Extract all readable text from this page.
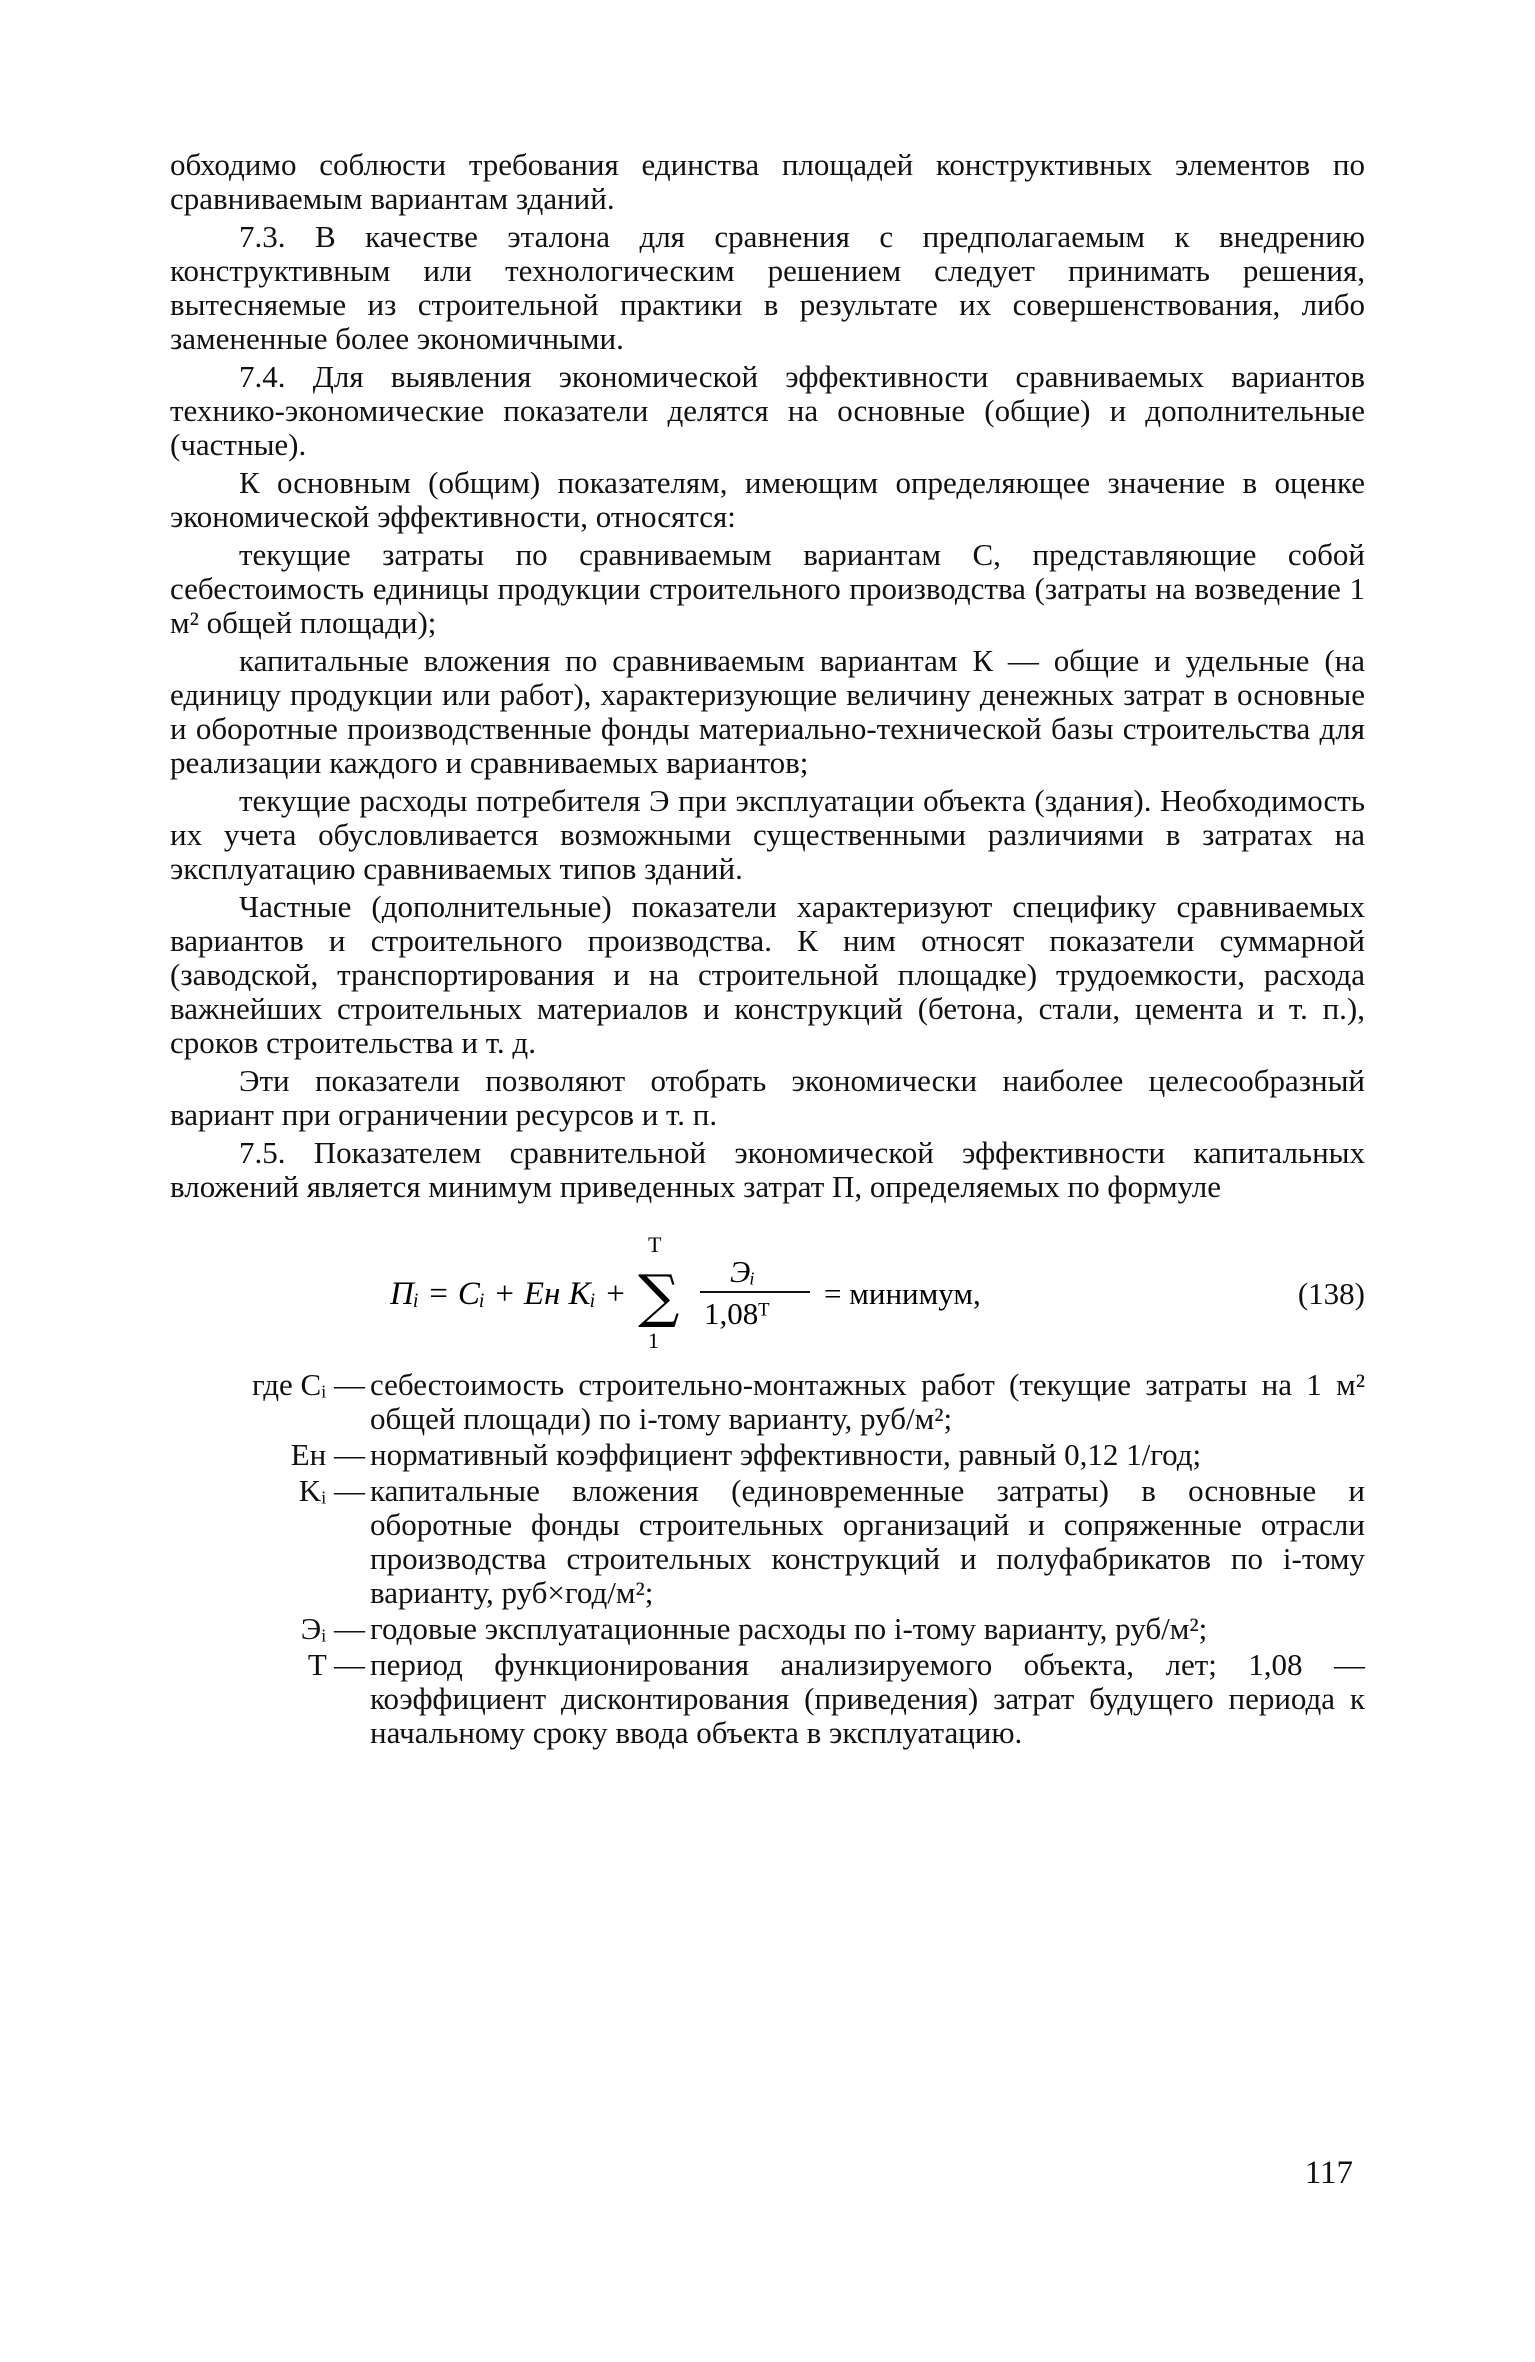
обходимо соблюсти требования единства площадей конструктивных элементов по сравниваемым вариантам зданий.

7.3. В качестве эталона для сравнения с предполагаемым к внедрению конструктивным или технологическим решением следует принимать решения, вытесняемые из строительной практики в результате их совершенствования, либо замененные более экономичными.

7.4. Для выявления экономической эффективности сравниваемых вариантов технико-экономические показатели делятся на основные (общие) и дополнительные (частные).

К основным (общим) показателям, имеющим определяющее значение в оценке экономической эффективности, относятся:

текущие затраты по сравниваемым вариантам С, представляющие собой себестоимость единицы продукции строительного производства (затраты на возведение 1 м² общей площади);

капитальные вложения по сравниваемым вариантам К — общие и удельные (на единицу продукции или работ), характеризующие величину денежных затрат в основные и оборотные производственные фонды материально-технической базы строительства для реализации каждого и сравниваемых вариантов;

текущие расходы потребителя Э при эксплуатации объекта (здания). Необходимость их учета обусловливается возможными существенными различиями в затратах на эксплуатацию сравниваемых типов зданий.

Частные (дополнительные) показатели характеризуют специфику сравниваемых вариантов и строительного производства. К ним относят показатели суммарной (заводской, транспортирования и на строительной площадке) трудоемкости, расхода важнейших строительных материалов и конструкций (бетона, стали, цемента и т. п.), сроков строительства и т. д.

Эти показатели позволяют отобрать экономически наиболее целесообразный вариант при ограничении ресурсов и т. п.

7.5. Показателем сравнительной экономической эффективности капитальных вложений является минимум приведенных затрат П, определяемых по формуле

Пᵢ = Cᵢ + Eн Kᵢ +
T
∑
1
Эᵢ
1,08ᵀ
= минимум,	(138)
где Cᵢ — себестоимость строительно-монтажных работ (текущие затраты на 1 м² общей площади) по i-тому варианту, руб/м²;
Eн — нормативный коэффициент эффективности, равный 0,12 1/год;
Kᵢ — капитальные вложения (единовременные затраты) в основные и оборотные фонды строительных организаций и сопряженные отрасли производства строительных конструкций и полуфабрикатов по i-тому варианту, руб×год/м²;
Эᵢ — годовые эксплуатационные расходы по i-тому варианту, руб/м²;
T — период функционирования анализируемого объекта, лет; 1,08 — коэффициент дисконтирования (приведения) затрат будущего периода к начальному сроку ввода объекта в эксплуатацию.
117
